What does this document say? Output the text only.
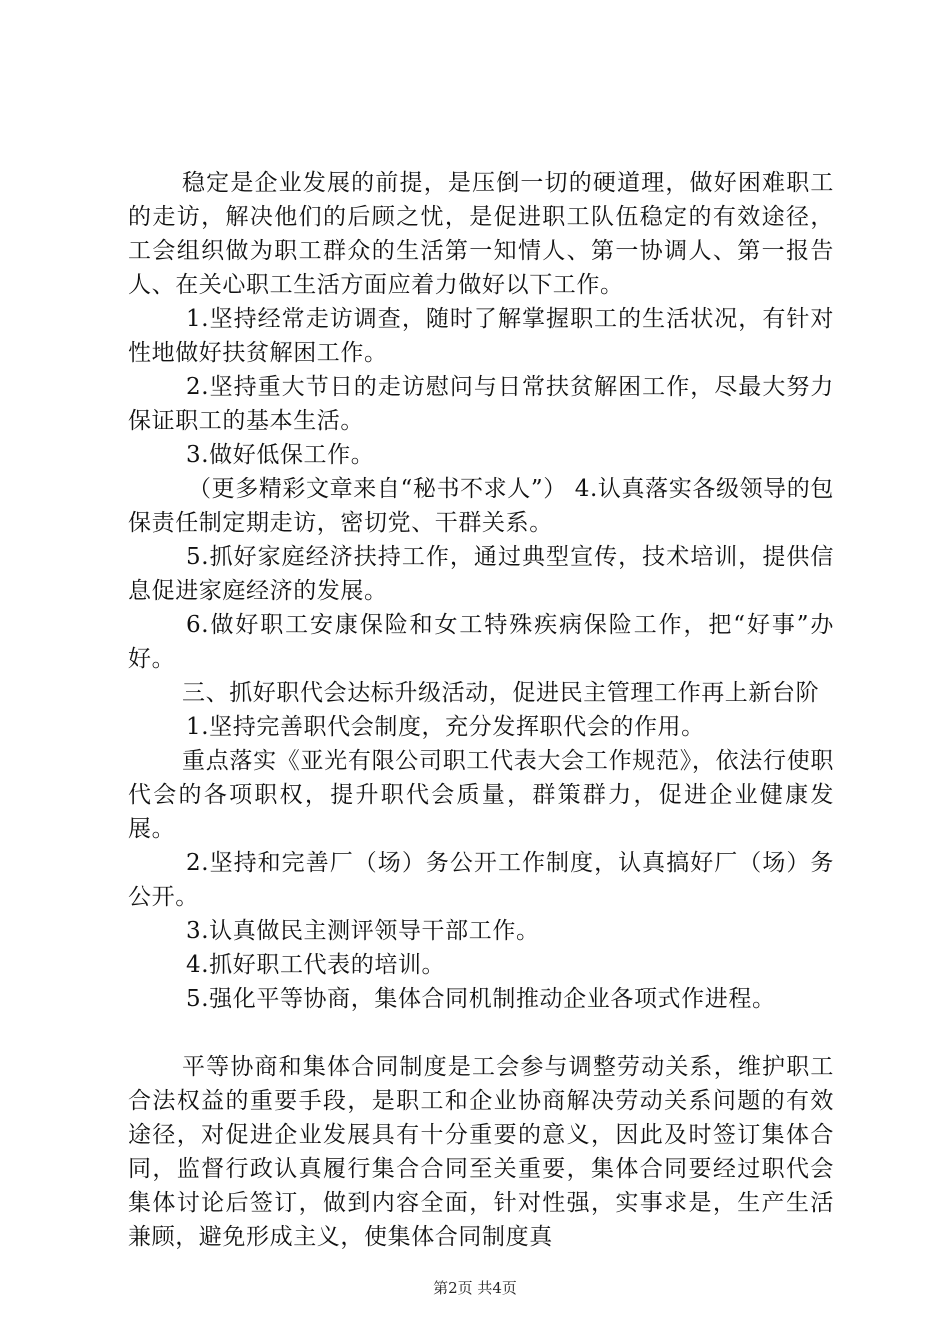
稳定是企业发展的前提，是压倒一切的硬道理，做好困难职工的走访，解决他们的后顾之忧，是促进职工队伍稳定的有效途径，工会组织做为职工群众的生活第一知情人、第一协调人、第一报告人、在关心职工生活方面应着力做好以下工作。

1.坚持经常走访调查，随时了解掌握职工的生活状况，有针对性地做好扶贫解困工作。

2.坚持重大节日的走访慰问与日常扶贫解困工作，尽最大努力保证职工的基本生活。

3.做好低保工作。

（更多精彩文章来自“秘书不求人”） 4.认真落实各级领导的包保责任制定期走访，密切党、干群关系。

5.抓好家庭经济扶持工作，通过典型宣传，技术培训，提供信息促进家庭经济的发展。

6.做好职工安康保险和女工特殊疾病保险工作，把“好事”办好。

三、抓好职代会达标升级活动，促进民主管理工作再上新台阶

1.坚持完善职代会制度，充分发挥职代会的作用。

重点落实《亚光有限公司职工代表大会工作规范》，依法行使职代会的各项职权，提升职代会质量，群策群力，促进企业健康发展。

2.坚持和完善厂（场）务公开工作制度，认真搞好厂（场）务公开。

3.认真做民主测评领导干部工作。

4.抓好职工代表的培训。

5.强化平等协商，集体合同机制推动企业各项式作进程。

平等协商和集体合同制度是工会参与调整劳动关系，维护职工合法权益的重要手段，是职工和企业协商解决劳动关系问题的有效途径，对促进企业发展具有十分重要的意义，因此及时签订集体合同，监督行政认真履行集合合同至关重要，集体合同要经过职代会集体讨论后签订，做到内容全面，针对性强，实事求是，生产生活兼顾，避免形成主义，使集体合同制度真

第2页 共4页
